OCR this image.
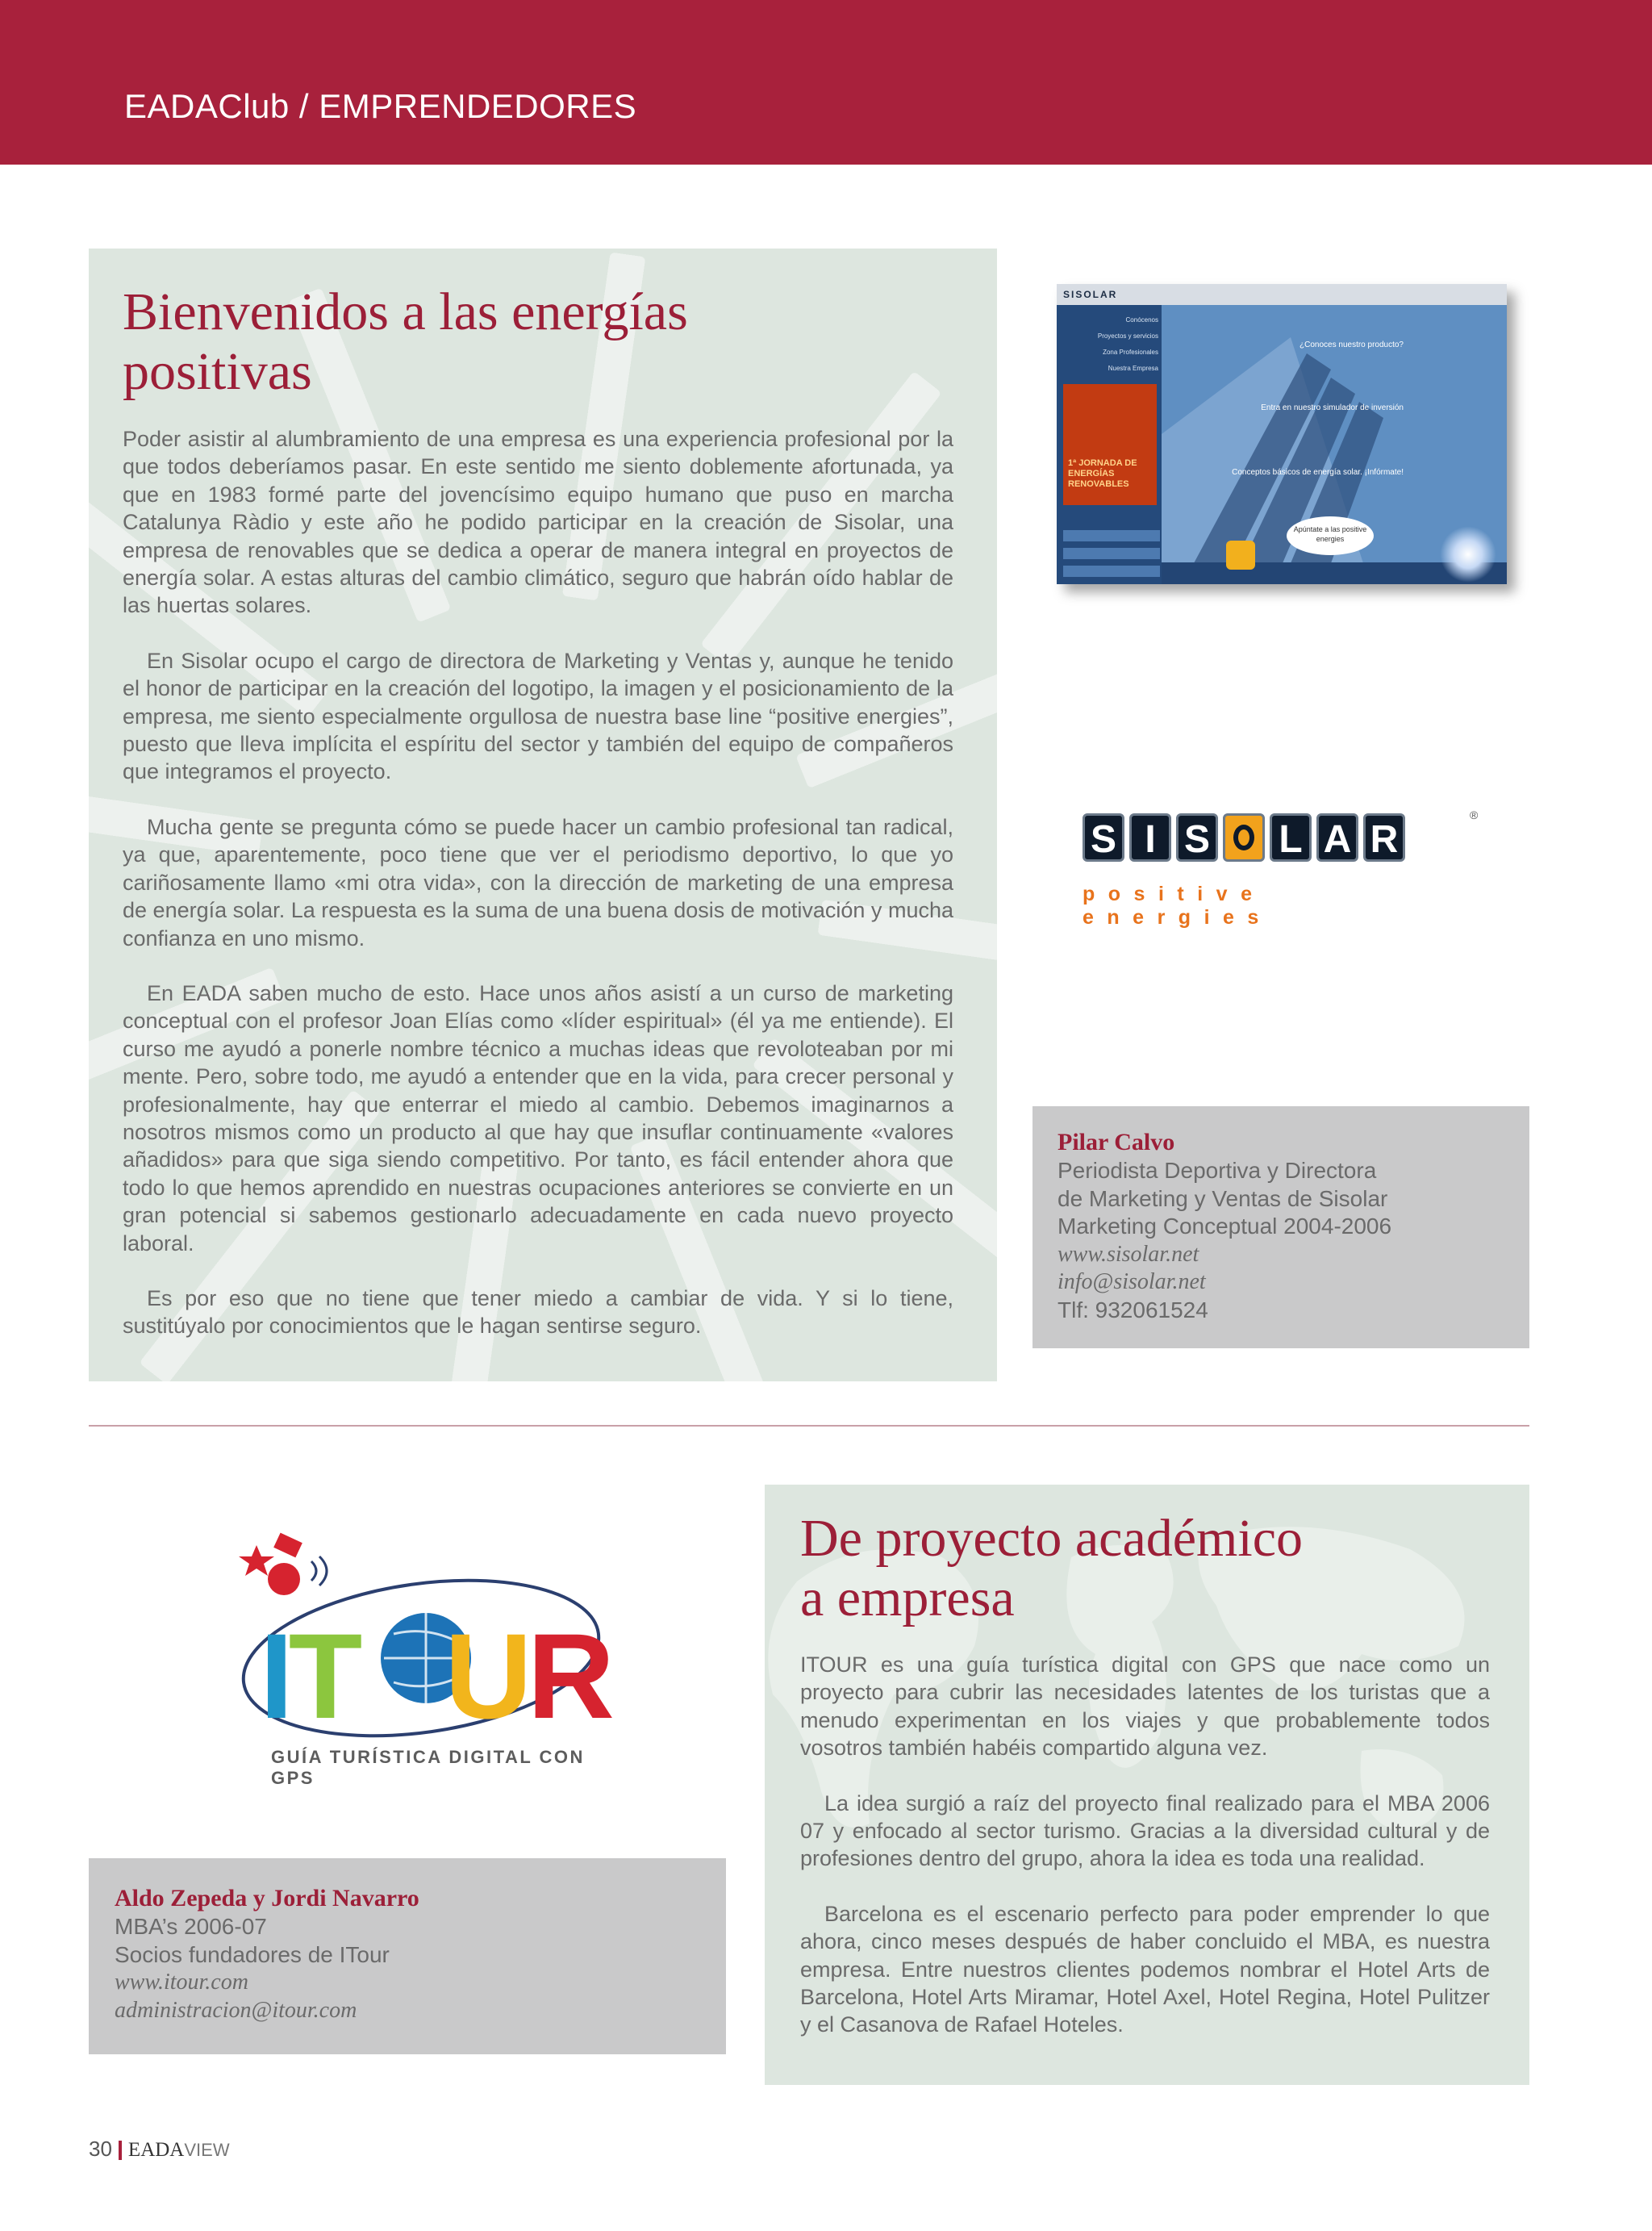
EADAClub / EMPRENDEDORES
Bienvenidos a las energías
positivas

Poder asistir al alumbramiento de una empresa es una experiencia profesional por la que todos deberíamos pasar. En este sentido me siento doblemente afortunada, ya que en 1983 formé parte del jovencísimo equipo humano que puso en marcha Catalunya Ràdio y este año he podido participar en la creación de Sisolar, una empresa de renovables que se dedica a operar de manera integral en proyectos de energía solar. A estas alturas del cambio climático, seguro que habrán oído hablar de las huertas solares.

En Sisolar ocupo el cargo de directora de Marketing y Ventas y, aunque he tenido el honor de participar en la creación del logotipo, la imagen y el posicionamiento de la empresa, me siento especialmente orgullosa de nuestra base line “positive energies”, puesto que lleva implícita el espíritu del sector y también del equipo de compañeros que integramos el proyecto.

Mucha gente se pregunta cómo se puede hacer un cambio profesional tan radical, ya que, aparentemente, poco tiene que ver el periodismo deportivo, lo que yo cariñosamente llamo «mi otra vida», con la dirección de marketing de una empresa de energía solar. La respuesta es la suma de una buena dosis de motivación y mucha confianza en uno mismo.

En EADA saben mucho de esto. Hace unos años asistí a un curso de marketing conceptual con el profesor Joan Elías como «líder espiritual» (él ya me entiende). El curso me ayudó a ponerle nombre técnico a muchas ideas que revoloteaban por mi mente. Pero, sobre todo, me ayudó a entender que en la vida, para crecer personal y profesionalmente, hay que enterrar el miedo al cambio. Debemos imaginarnos a nosotros mismos como un producto al que hay que insuflar continuamente «valores añadidos» para que siga siendo competitivo. Por tanto, es fácil entender ahora que todo lo que hemos aprendido en nuestras ocupaciones anteriores se convierte en un gran potencial si sabemos gestionarlo adecuadamente en cada nuevo proyecto laboral.

Es por eso que no tiene que tener miedo a cambiar de vida. Y si lo tiene, sustitúyalo por conocimientos que le hagan sentirse seguro.

SISOLAR
Conócenos
Proyectos y servicios
Zona Profesionales
Nuestra Empresa
1ª JORNADA DE ENERGÍAS RENOVABLES
¿Conoces nuestro producto?
Entra en nuestro simulador de inversión
Conceptos básicos de energía solar. ¡Infórmate!
Apúntate a las positive energies
S I S O L A R
®
positive energies
Pilar Calvo
Periodista Deportiva y Directora
de Marketing y Ventas de Sisolar
Marketing Conceptual 2004-2006
www.sisolar.net
info@sisolar.net
Tlf: 932061524
IT UR
GUÍA TURÍSTICA DIGITAL CON GPS
Aldo Zepeda y Jordi Navarro
MBA’s 2006-07
Socios fundadores de ITour
www.itour.com
administracion@itour.com
De proyecto académico
a empresa

ITOUR es una guía turística digital con GPS que nace como un proyecto para cubrir las necesidades latentes de los turistas que a menudo experimentan en los viajes y que probablemente todos vosotros también habéis compartido alguna vez.

La idea surgió a raíz del proyecto final realizado para el MBA 2006 07 y enfocado al sector turismo. Gracias a la diversidad cultural y de profesiones dentro del grupo, ahora la idea es toda una realidad.

Barcelona es el escenario perfecto para poder emprender lo que ahora, cinco meses después de haber concluido el MBA, es nuestra empresa. Entre nuestros clientes podemos nombrar el Hotel Arts de Barcelona, Hotel Arts Miramar, Hotel Axel, Hotel Regina, Hotel Pulitzer y el Casanova de Rafael Hoteles.

30 EADAVIEW
